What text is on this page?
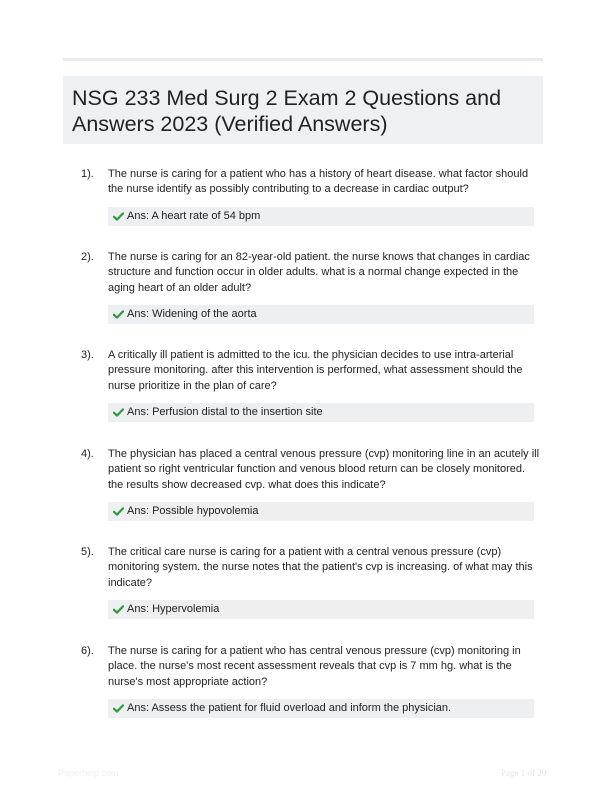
NSG 233 Med Surg 2 Exam 2 Questions and Answers 2023 (Verified Answers)
1). The nurse is caring for a patient who has a history of heart disease. what factor should the nurse identify as possibly contributing to a decrease in cardiac output?

Ans: A heart rate of 54 bpm
2). The nurse is caring for an 82-year-old patient. the nurse knows that changes in cardiac structure and function occur in older adults. what is a normal change expected in the aging heart of an older adult?

Ans: Widening of the aorta
3). A critically ill patient is admitted to the icu. the physician decides to use intra-arterial pressure monitoring. after this intervention is performed, what assessment should the nurse prioritize in the plan of care?

Ans: Perfusion distal to the insertion site
4). The physician has placed a central venous pressure (cvp) monitoring line in an acutely ill patient so right ventricular function and venous blood return can be closely monitored. the results show decreased cvp. what does this indicate?

Ans: Possible hypovolemia
5). The critical care nurse is caring for a patient with a central venous pressure (cvp) monitoring system. the nurse notes that the patient's cvp is increasing. of what may this indicate?

Ans: Hypervolemia
6). The nurse is caring for a patient who has central venous pressure (cvp) monitoring in place. the nurse's most recent assessment reveals that cvp is 7 mm hg. what is the nurse's most appropriate action?

Ans: Assess the patient for fluid overload and inform the physician.
Paperhelp.com	Page 1 of 20
